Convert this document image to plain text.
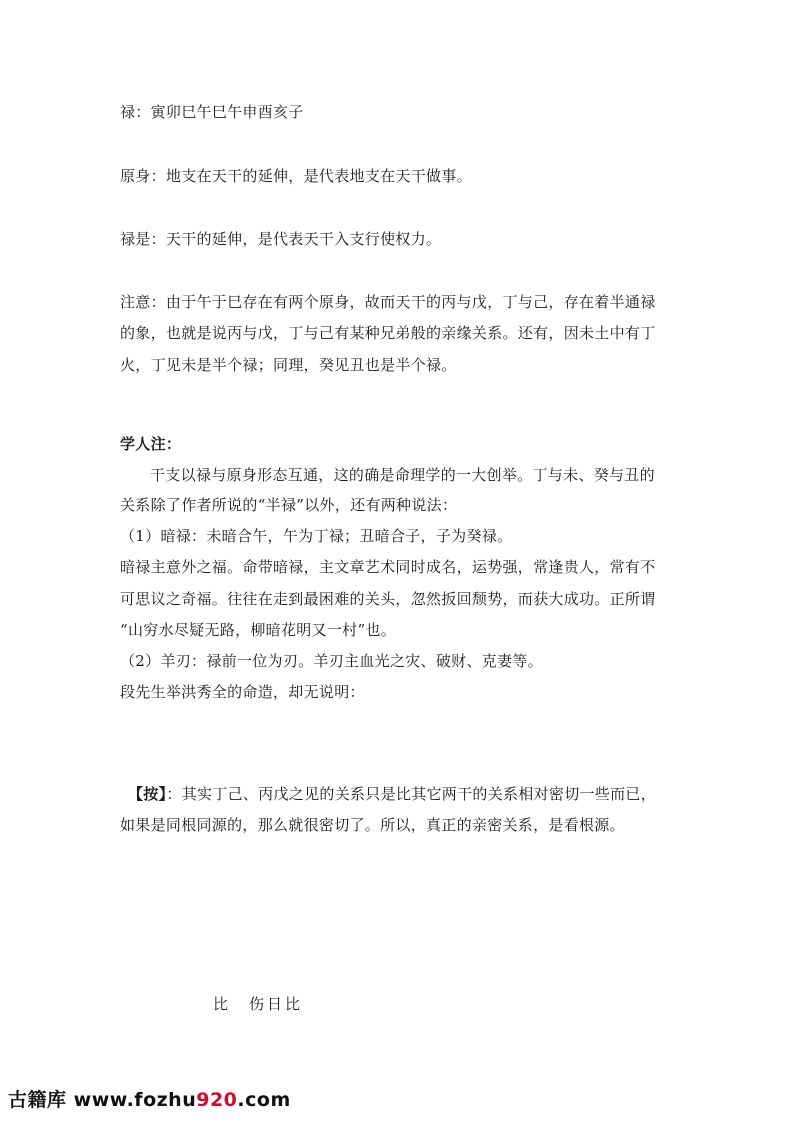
禄：寅卯巳午巳午申酉亥子
原身：地支在天干的延伸，是代表地支在天干做事。
禄是：天干的延伸，是代表天干入支行使权力。
注意：由于午于巳存在有两个原身，故而天干的丙与戊，丁与己，存在着半通禄
的象，也就是说丙与戊，丁与己有某种兄弟般的亲缘关系。还有，因未土中有丁
火，丁见未是半个禄；同理，癸见丑也是半个禄。
学人注：
干支以禄与原身形态互通，这的确是命理学的一大创举。丁与未、癸与丑的
关系除了作者所说的“半禄”以外，还有两种说法：
（1）暗禄：未暗合午，午为丁禄；丑暗合子，子为癸禄。
暗禄主意外之福。命带暗禄，主文章艺术同时成名，运势强，常逢贵人，常有不
可思议之奇福。往往在走到最困难的关头，忽然扳回颓势，而获大成功。正所谓
“山穷水尽疑无路，柳暗花明又一村”也。
（2）羊刃：禄前一位为刃。羊刃主血光之灾、破财、克妻等。
段先生举洪秀全的命造，却无说明：
【按】：其实丁己、丙戊之见的关系只是比其它两干的关系相对密切一些而已，
如果是同根同源的，那么就很密切了。所以，真正的亲密关系，是看根源。
比　伤日比
古籍库 www.fozhu920.com
